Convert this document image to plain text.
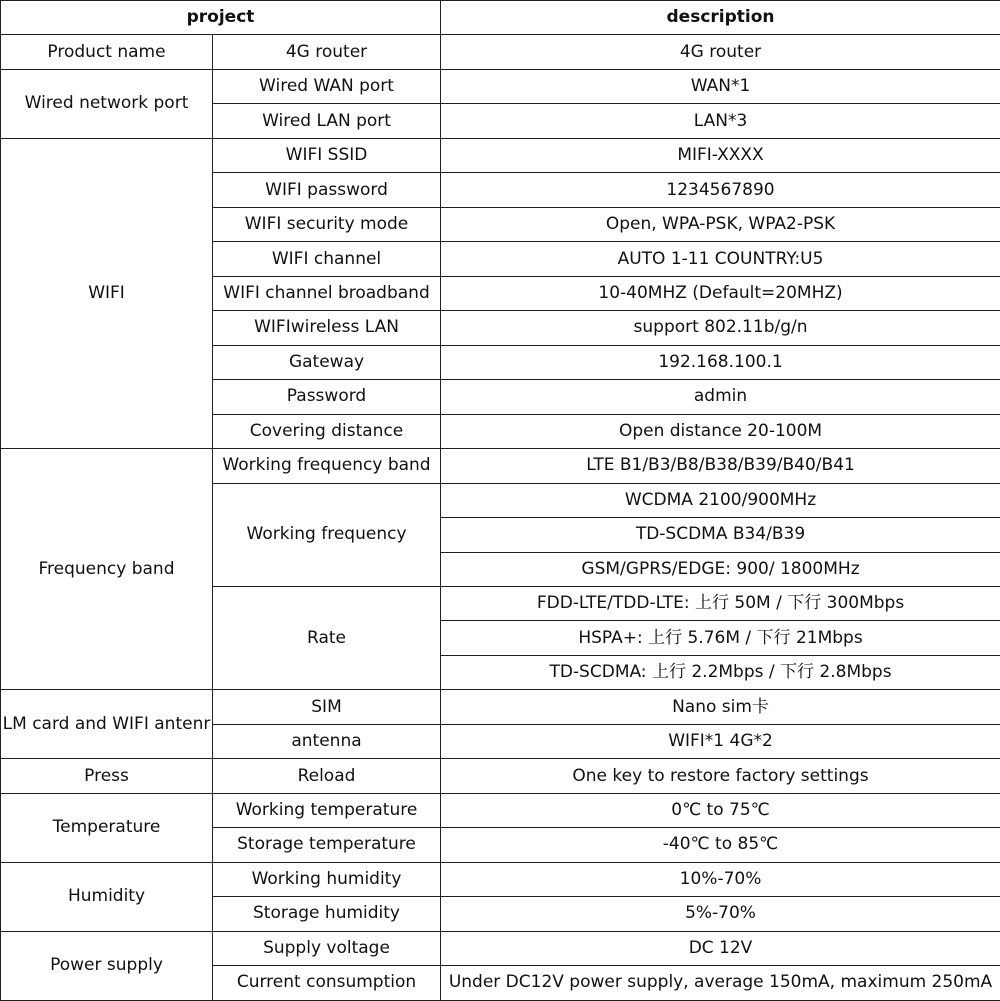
project		description
Product name	4G router	4G router
Wired network port	Wired WAN port	WAN*1
	Wired LAN port	LAN*3
WIFI	WIFI SSID	MIFI-XXXX
	WIFI password	1234567890
	WIFI security mode	Open, WPA-PSK, WPA2-PSK
	WIFI channel	AUTO 1-11 COUNTRY:U5
	WIFI channel broadband	10-40MHZ (Default=20MHZ)
	WIFIwireless LAN	support 802.11b/g/n
	Gateway	192.168.100.1
	Password	admin
	Covering distance	Open distance 20-100M
Frequency band	Working frequency band	LTE B1/B3/B8/B38/B39/B40/B41
	Working frequency	WCDMA 2100/900MHz
		TD-SCDMA B34/B39
		GSM/GPRS/EDGE: 900/ 1800MHz
	Rate	FDD-LTE/TDD-LTE: 上行 50M / 下行 300Mbps
		HSPA+: 上行 5.76M / 下行 21Mbps
		TD-SCDMA: 上行 2.2Mbps / 下行 2.8Mbps
LM card and WIFI antenr	SIM	Nano sim卡
	antenna	WIFI*1 4G*2
Press	Reload	One key to restore factory settings
Temperature	Working temperature	0℃ to 75℃
	Storage temperature	-40℃ to 85℃
Humidity	Working humidity	10%-70%
	Storage humidity	5%-70%
Power supply	Supply voltage	DC 12V
	Current consumption	Under DC12V power supply, average 150mA, maximum 250mA
